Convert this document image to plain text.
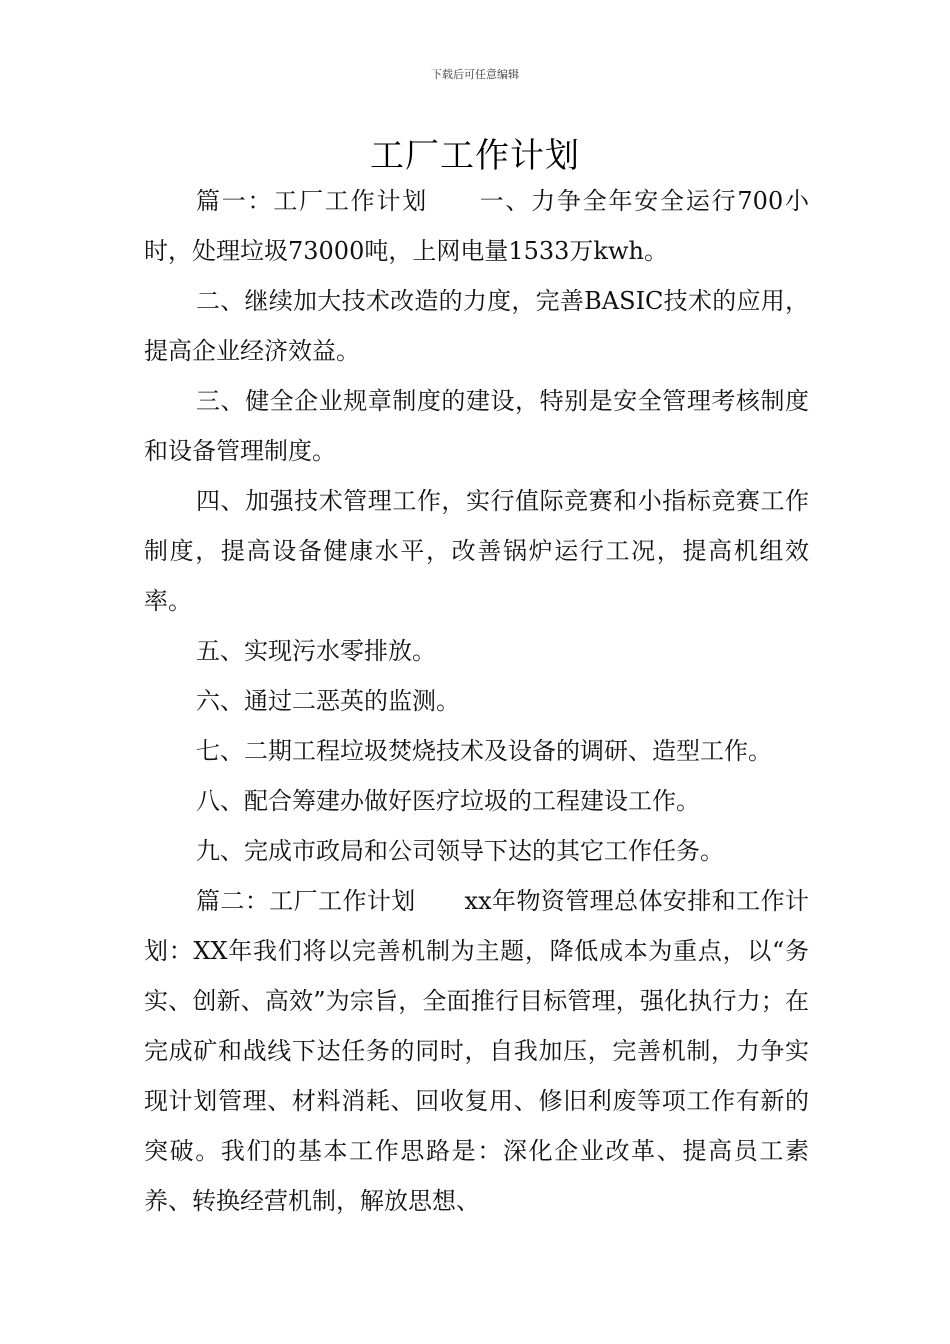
下载后可任意编辑
工厂工作计划

篇一：工厂工作计划　　一、力争全年安全运行700小时，处理垃圾73000吨，上网电量1533万kwh。

二、继续加大技术改造的力度，完善BASIC技术的应用，提高企业经济效益。

三、健全企业规章制度的建设，特别是安全管理考核制度和设备管理制度。

四、加强技术管理工作，实行值际竞赛和小指标竞赛工作制度，提高设备健康水平，改善锅炉运行工况，提高机组效率。

五、实现污水零排放。

六、通过二恶英的监测。

七、二期工程垃圾焚烧技术及设备的调研、造型工作。

八、配合筹建办做好医疗垃圾的工程建设工作。

九、完成市政局和公司领导下达的其它工作任务。

篇二：工厂工作计划　　xx年物资管理总体安排和工作计划：XX年我们将以完善机制为主题，降低成本为重点，以“务实、创新、高效”为宗旨，全面推行目标管理，强化执行力；在完成矿和战线下达任务的同时，自我加压，完善机制，力争实现计划管理、材料消耗、回收复用、修旧利废等项工作有新的突破。我们的基本工作思路是：深化企业改革、提高员工素养、转换经营机制，解放思想、
